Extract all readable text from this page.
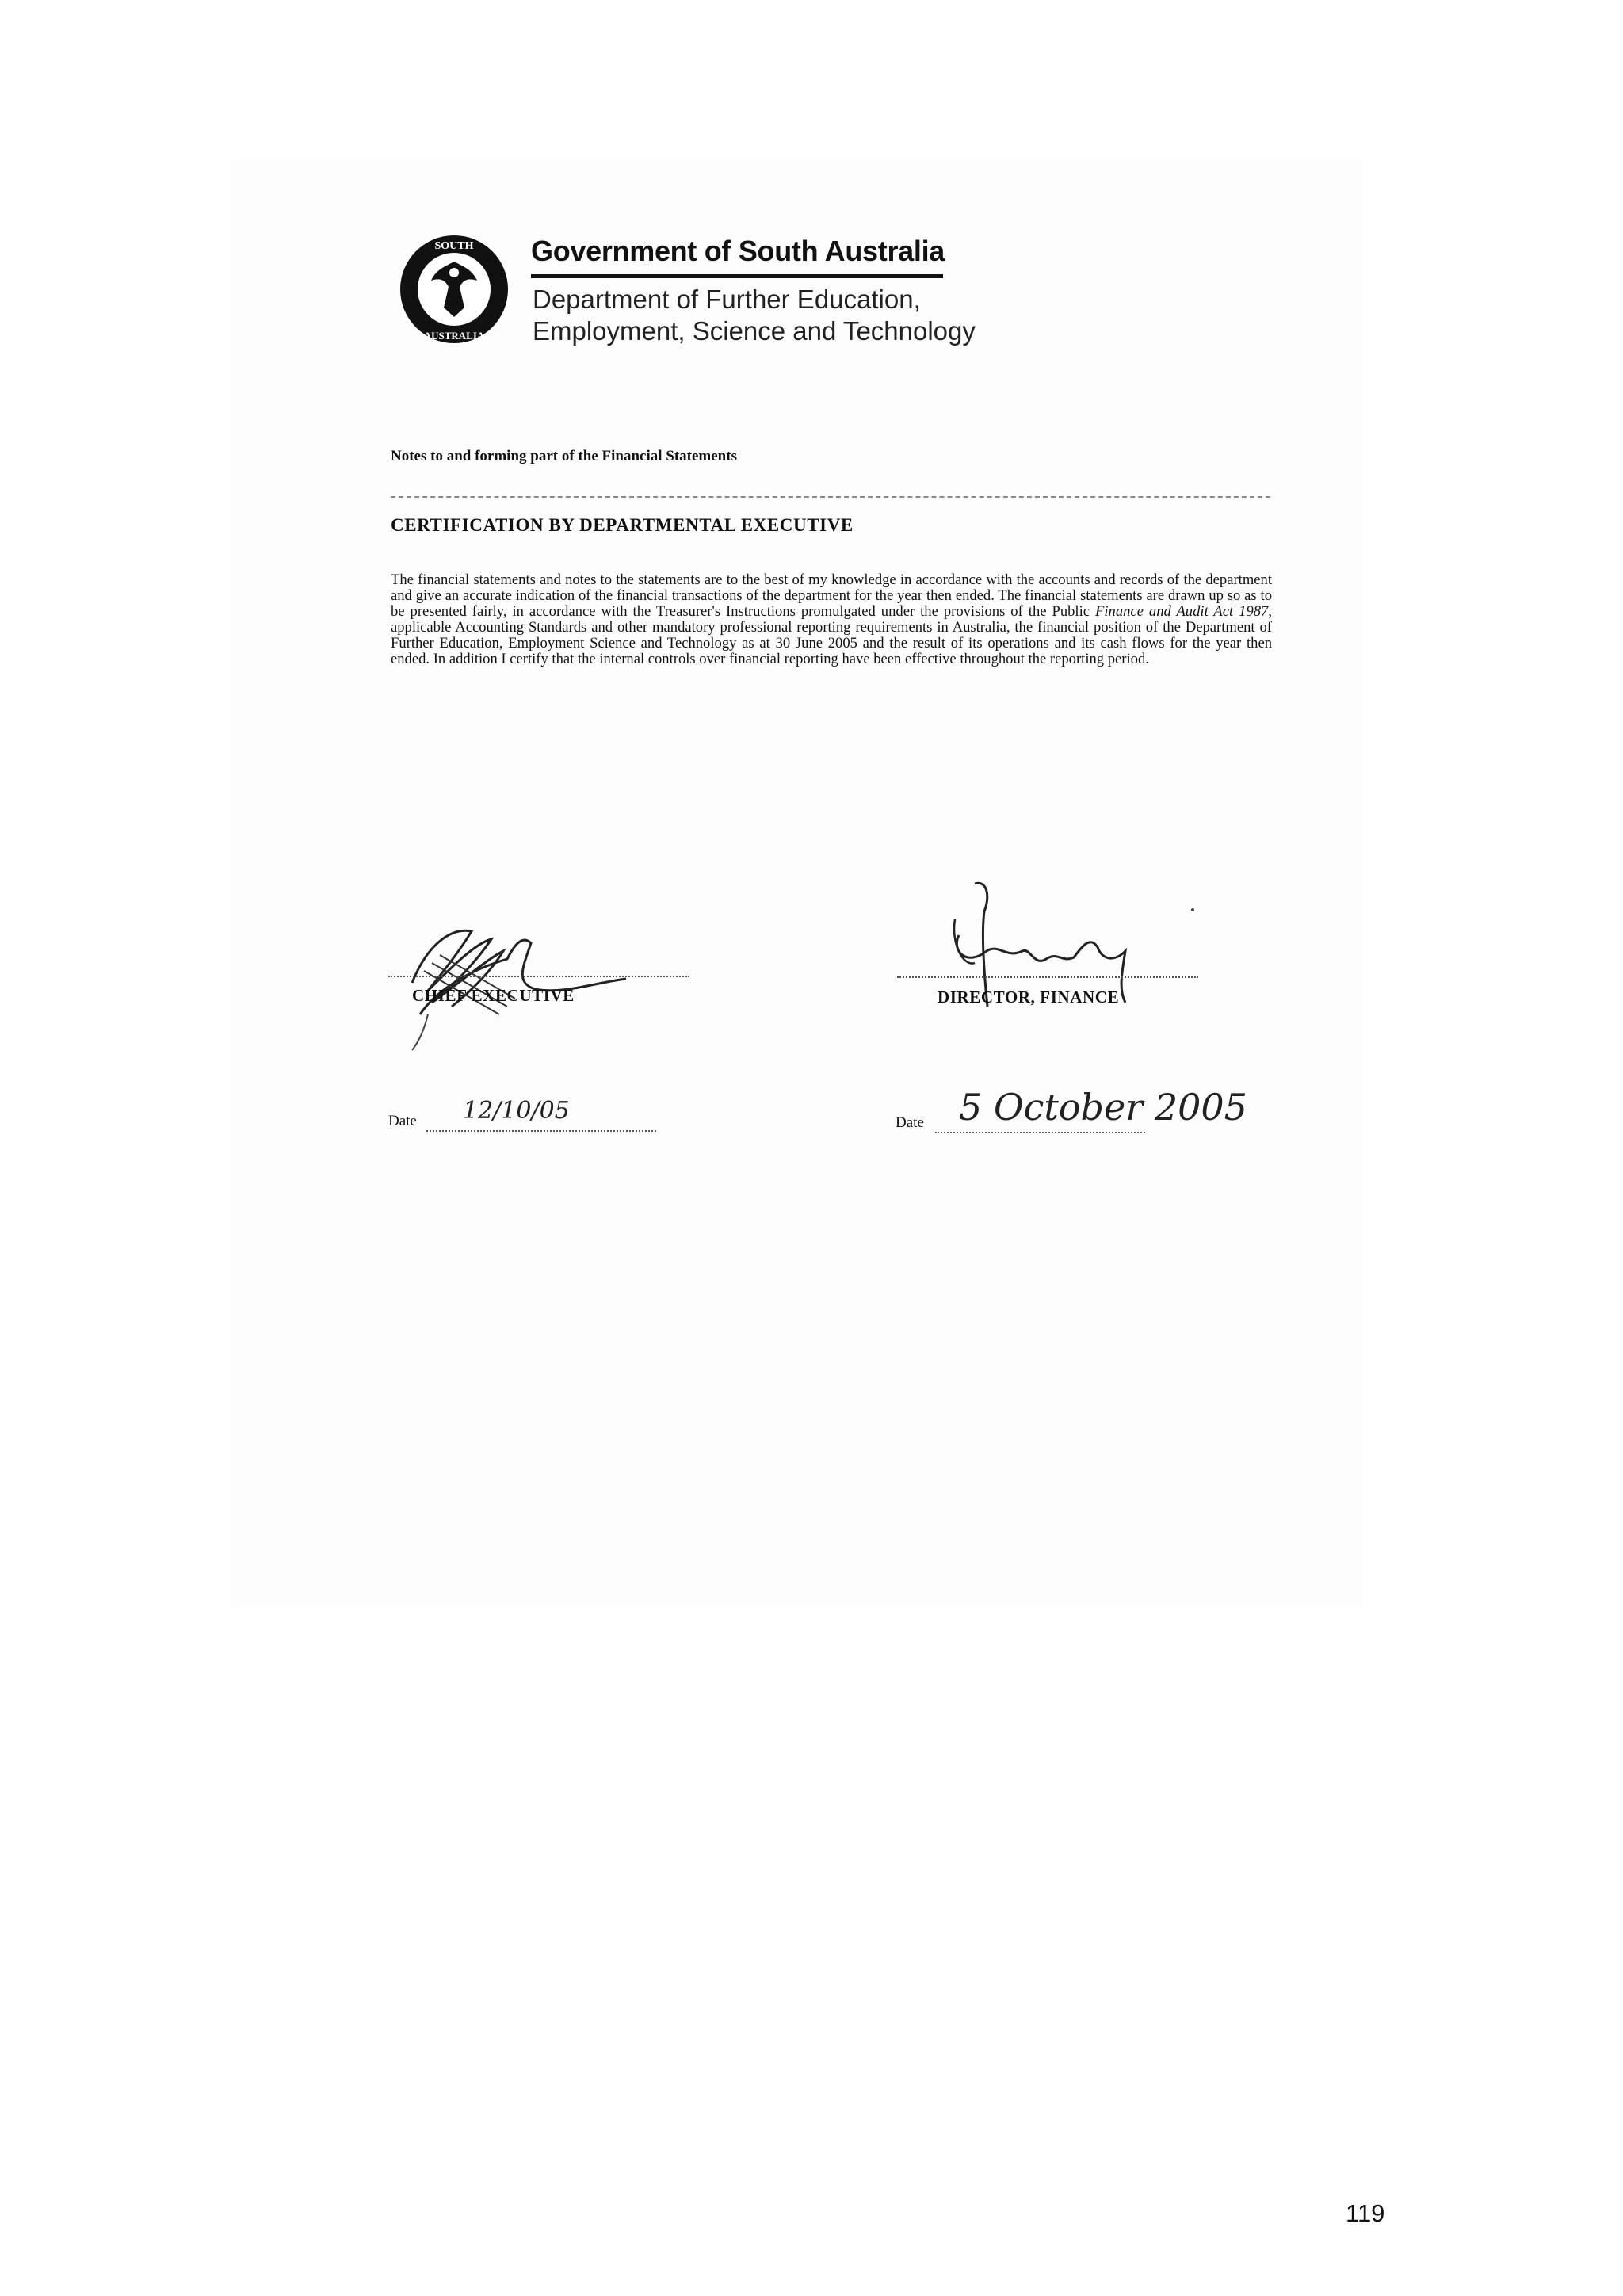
SOUTH
AUSTRALIA
Government of South Australia
Department of Further Education,
Employment, Science and Technology
Notes to and forming part of the Financial Statements
CERTIFICATION BY DEPARTMENTAL EXECUTIVE
The financial statements and notes to the statements are to the best of my knowledge in accordance with the accounts and records of the department and give an accurate indication of the financial transactions of the department for the year then ended. The financial statements are drawn up so as to be presented fairly, in accordance with the Treasurer's Instructions promulgated under the provisions of the Public Finance and Audit Act 1987, applicable Accounting Standards and other mandatory professional reporting requirements in Australia, the financial position of the Department of Further Education, Employment Science and Technology as at 30 June 2005 and the result of its operations and its cash flows for the year then ended. In addition I certify that the internal controls over financial reporting have been effective throughout the reporting period.
CHIEF EXECUTIVE	DIRECTOR, FINANCE
Date 12/10/05	Date 5 October 2005
119
